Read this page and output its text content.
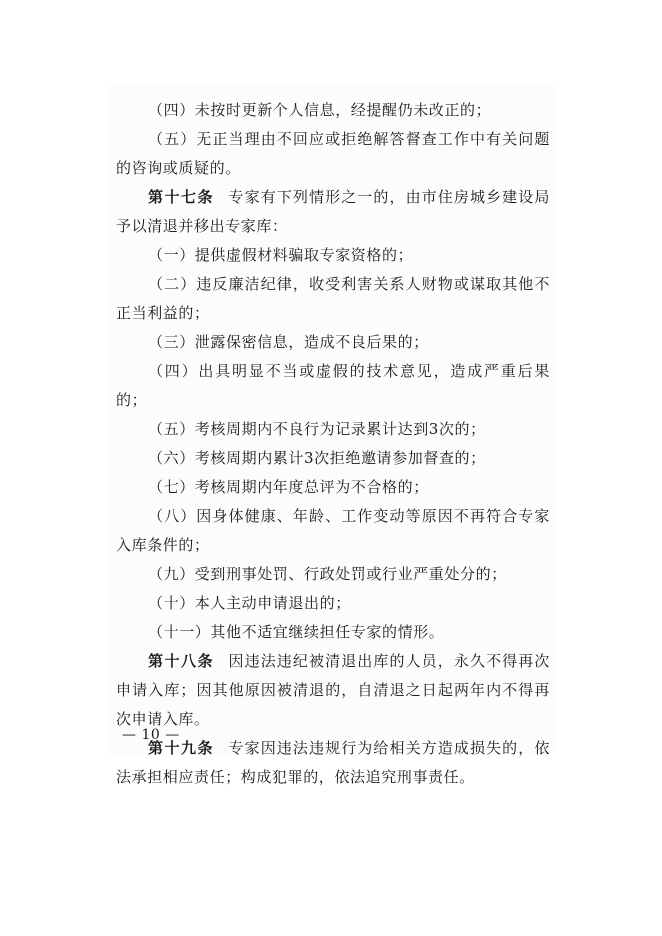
（四）未按时更新个人信息，经提醒仍未改正的；

（五）无正当理由不回应或拒绝解答督查工作中有关问题的咨询或质疑的。

第十七条 专家有下列情形之一的，由市住房城乡建设局予以清退并移出专家库：

（一）提供虚假材料骗取专家资格的；

（二）违反廉洁纪律，收受利害关系人财物或谋取其他不正当利益的；

（三）泄露保密信息，造成不良后果的；

（四）出具明显不当或虚假的技术意见，造成严重后果的；

（五）考核周期内不良行为记录累计达到3次的；

（六）考核周期内累计3次拒绝邀请参加督查的；

（七）考核周期内年度总评为不合格的；

（八）因身体健康、年龄、工作变动等原因不再符合专家入库条件的；

（九）受到刑事处罚、行政处罚或行业严重处分的；

（十）本人主动申请退出的；

（十一）其他不适宜继续担任专家的情形。

第十八条 因违法违纪被清退出库的人员，永久不得再次申请入库；因其他原因被清退的，自清退之日起两年内不得再次申请入库。

第十九条 专家因违法违规行为给相关方造成损失的，依法承担相应责任；构成犯罪的，依法追究刑事责任。

— 10 —
